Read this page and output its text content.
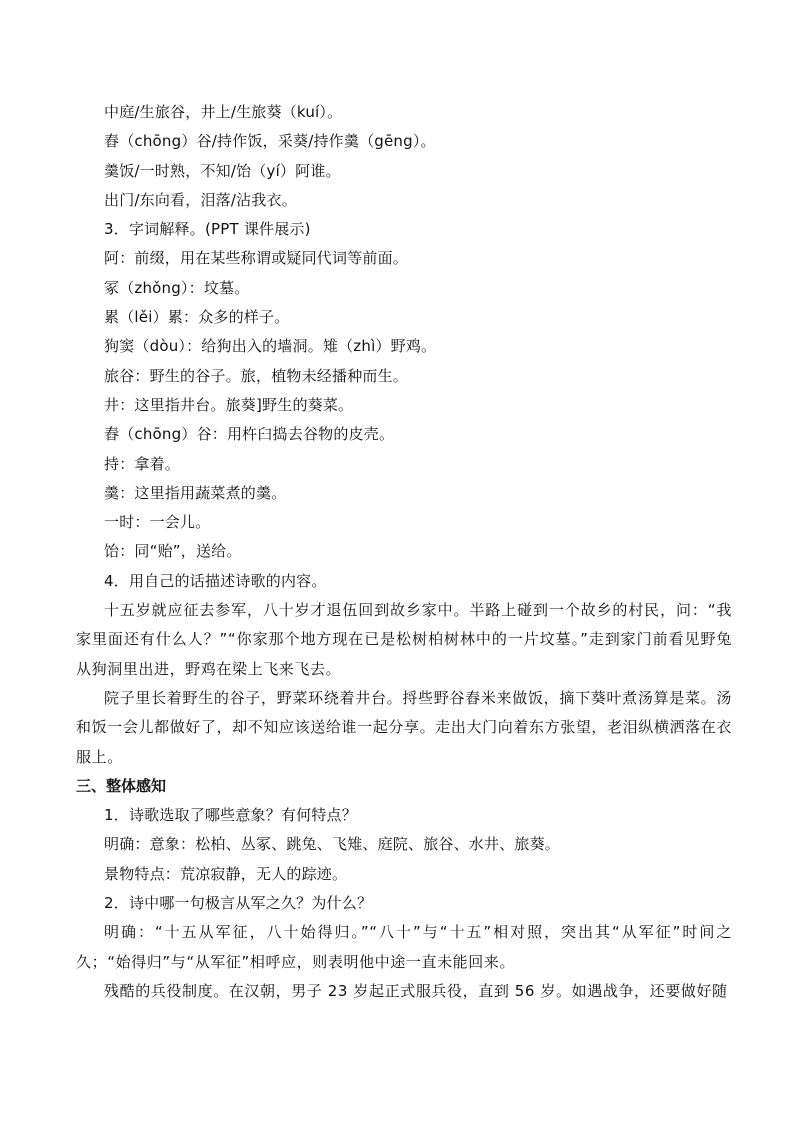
中庭/生旅谷，井上/生旅葵（kuí）。
舂（chōng）谷/持作饭，采葵/持作羹（gēng）。
羹饭/一时熟，不知/饴（yí）阿谁。
出门/东向看，泪落/沾我衣。
3．字词解释。(PPT 课件展示)
阿：前缀，用在某些称谓或疑同代词等前面。
冢（zhǒng）：坟墓。
累（lěi）累：众多的样子。
狗窦（dòu）：给狗出入的墙洞。雉（zhì）野鸡。
旅谷：野生的谷子。旅，植物未经播种而生。
井：这里指井台。旅葵]野生的葵菜。
舂（chōng）谷：用杵臼捣去谷物的皮壳。
持：拿着。
羹：这里指用蔬菜煮的羹。
一时：一会儿。
饴：同“贻”，送给。
4．用自己的话描述诗歌的内容。
十五岁就应征去参军，八十岁才退伍回到故乡家中。半路上碰到一个故乡的村民，问：“我家里面还有什么人？”“你家那个地方现在已是松树柏树林中的一片坟墓。”走到家门前看见野兔从狗洞里出进，野鸡在梁上飞来飞去。
院子里长着野生的谷子，野菜环绕着井台。捋些野谷舂米来做饭，摘下葵叶煮汤算是菜。汤和饭一会儿都做好了，却不知应该送给谁一起分享。走出大门向着东方张望，老泪纵横洒落在衣服上。
三、整体感知
1．诗歌选取了哪些意象？有何特点？
明确：意象：松柏、丛冢、跳兔、飞雉、庭院、旅谷、水井、旅葵。
景物特点：荒凉寂静，无人的踪迹。
2．诗中哪一句极言从军之久？为什么？
明确：“十五从军征，八十始得归。”“八十”与“十五”相对照，突出其“从军征”时间之久；“始得归”与“从军征”相呼应，则表明他中途一直未能回来。
残酷的兵役制度。在汉朝，男子 23 岁起正式服兵役，直到 56 岁。如遇战争，还要做好随
